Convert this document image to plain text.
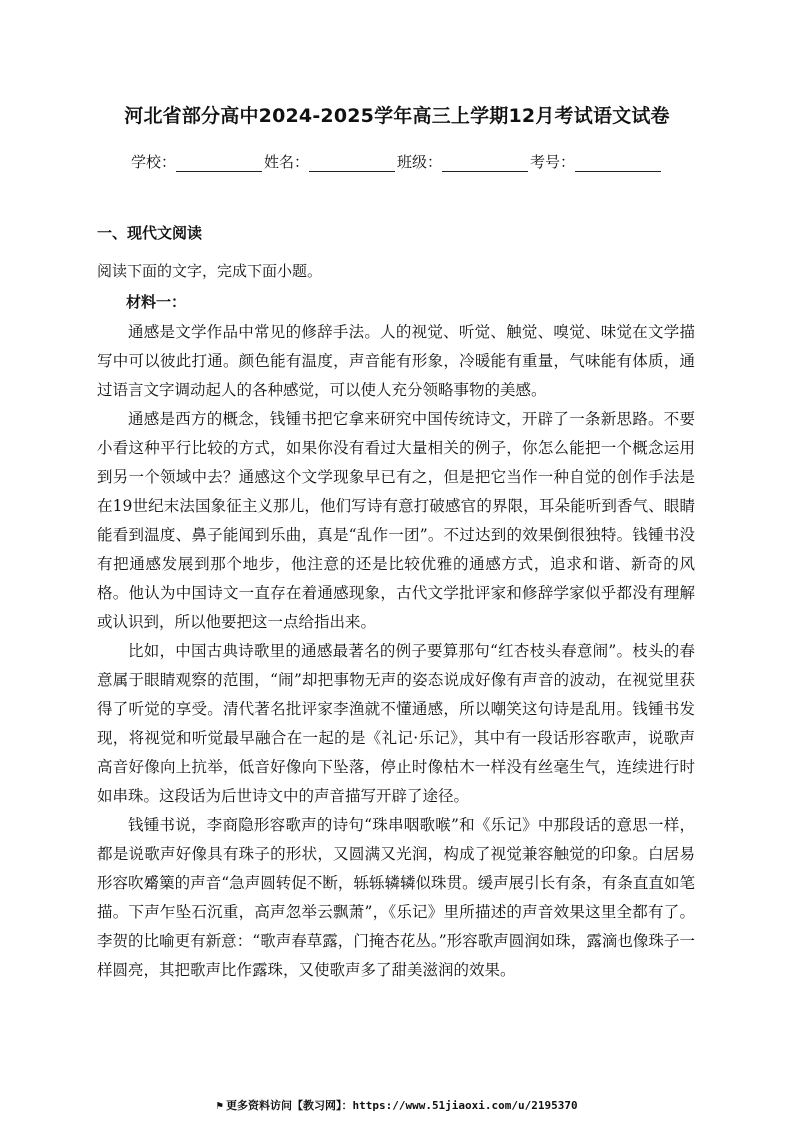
河北省部分高中2024-2025学年高三上学期12月考试语文试卷
学校：	姓名：	班级：	考号：
一、现代文阅读
阅读下面的文字，完成下面小题。
材料一：

通感是文学作品中常见的修辞手法。人的视觉、听觉、触觉、嗅觉、味觉在文学描写中可以彼此打通。颜色能有温度，声音能有形象，冷暖能有重量，气味能有体质，通过语言文字调动起人的各种感觉，可以使人充分领略事物的美感。

通感是西方的概念，钱锺书把它拿来研究中国传统诗文，开辟了一条新思路。不要小看这种平行比较的方式，如果你没有看过大量相关的例子，你怎么能把一个概念运用到另一个领域中去？通感这个文学现象早已有之，但是把它当作一种自觉的创作手法是在19世纪末法国象征主义那儿，他们写诗有意打破感官的界限，耳朵能听到香气、眼睛能看到温度、鼻子能闻到乐曲，真是“乱作一团”。不过达到的效果倒很独特。钱锺书没有把通感发展到那个地步，他注意的还是比较优雅的通感方式，追求和谐、新奇的风格。他认为中国诗文一直存在着通感现象，古代文学批评家和修辞学家似乎都没有理解或认识到，所以他要把这一点给指出来。

比如，中国古典诗歌里的通感最著名的例子要算那句“红杏枝头春意闹”。枝头的春意属于眼睛观察的范围，“闹”却把事物无声的姿态说成好像有声音的波动，在视觉里获得了听觉的享受。清代著名批评家李渔就不懂通感，所以嘲笑这句诗是乱用。钱锺书发现，将视觉和听觉最早融合在一起的是《礼记·乐记》，其中有一段话形容歌声，说歌声高音好像向上抗举，低音好像向下坠落，停止时像枯木一样没有丝毫生气，连续进行时如串珠。这段话为后世诗文中的声音描写开辟了途径。

钱锺书说，李商隐形容歌声的诗句“珠串咽歌喉”和《乐记》中那段话的意思一样，都是说歌声好像具有珠子的形状，又圆满又光润，构成了视觉兼容触觉的印象。白居易形容吹觱篥的声音“急声圆转促不断，轹轹辚辚似珠贯。缓声展引长有条，有条直直如笔描。下声乍坠石沉重，高声忽举云飘萧”，《乐记》里所描述的声音效果这里全都有了。李贺的比喻更有新意：“歌声春草露，门掩杏花丛。”形容歌声圆润如珠，露滴也像珠子一样圆亮，其把歌声比作露珠，又使歌声多了甜美滋润的效果。

⚑ 更多资料访问【教习网】：https://www.51jiaoxi.com/u/2195370
